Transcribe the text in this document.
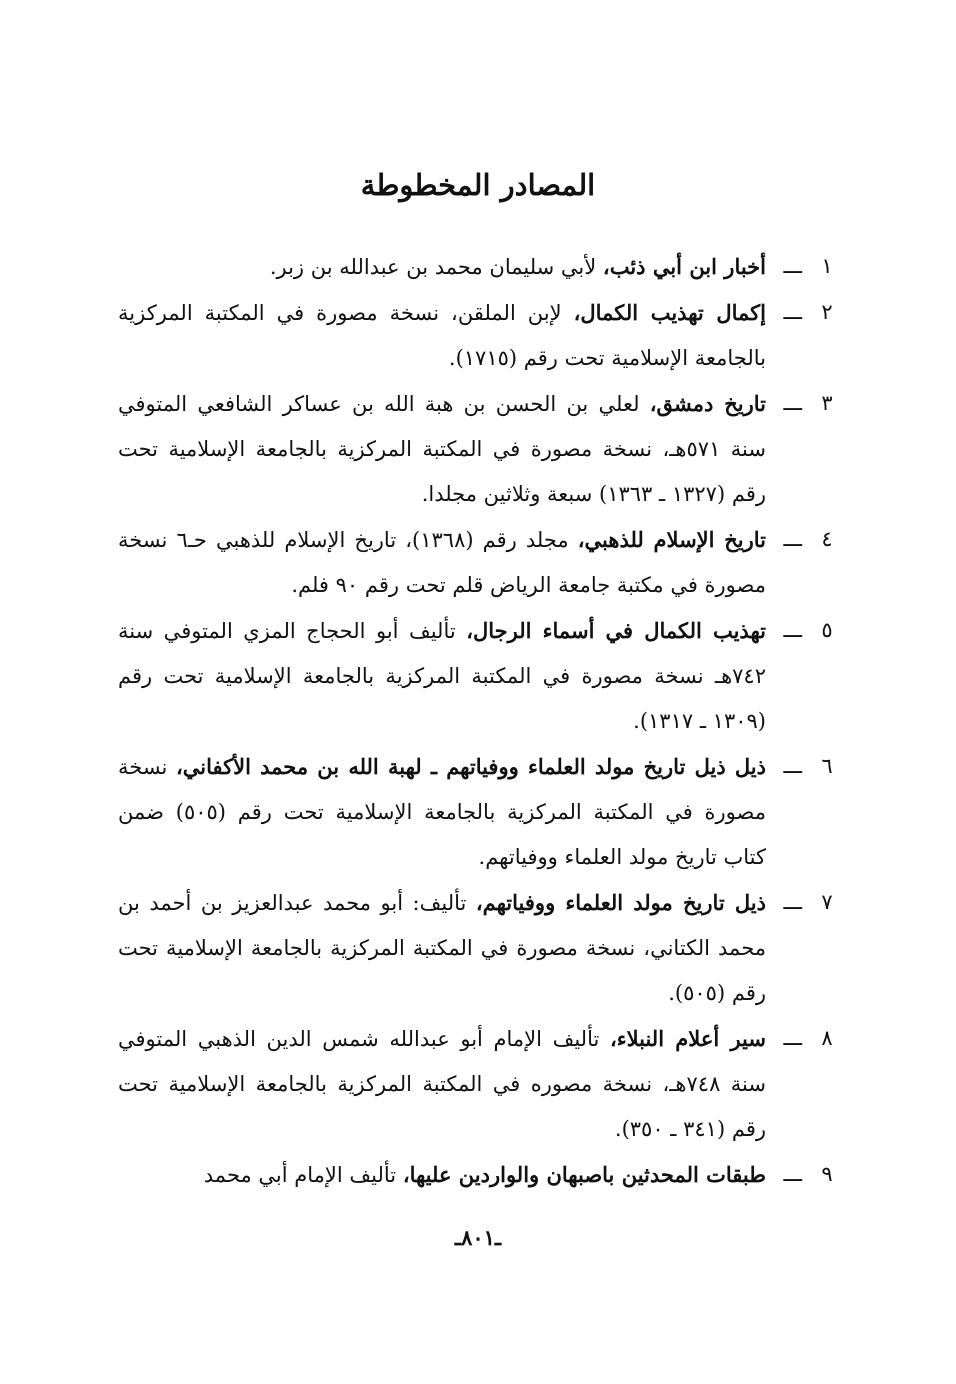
المصادر المخطوطة
١
ـــ
أخبار ابن أبي ذئب، لأبي سليمان محمد بن عبدالله بن زبر.
٢
ـــ
إكمال تهذيب الكمال، لإبن الملقن، نسخة مصورة في المكتبة المركزية بالجامعة الإسلامية تحت رقم (١٧١٥).
٣
ـــ
تاريخ دمشق، لعلي بن الحسن بن هبة الله بن عساكر الشافعي المتوفي سنة ٥٧١هـ، نسخة مصورة في المكتبة المركزية بالجامعة الإسلامية تحت رقم (١٣٢٧ ـ ١٣٦٣) سبعة وثلاثين مجلدا.
٤
ـــ
تاريخ الإسلام للذهبي، مجلد رقم (١٣٦٨)، تاريخ الإسلام للذهبي حـ٦ نسخة مصورة في مكتبة جامعة الرياض قلم تحت رقم ٩٠ فلم.
٥
ـــ
تهذيب الكمال في أسماء الرجال، تأليف أبو الحجاج المزي المتوفي سنة ٧٤٢هـ نسخة مصورة في المكتبة المركزية بالجامعة الإسلامية تحت رقم (١٣٠٩ ـ ١٣١٧).
٦
ـــ
ذيل ذيل تاريخ مولد العلماء ووفياتهم ـ لهبة الله بن محمد الأكفاني، نسخة مصورة في المكتبة المركزية بالجامعة الإسلامية تحت رقم (٥٠٥) ضمن كتاب تاريخ مولد العلماء ووفياتهم.
٧
ـــ
ذيل تاريخ مولد العلماء ووفياتهم، تأليف: أبو محمد عبدالعزيز بن أحمد بن محمد الكتاني، نسخة مصورة في المكتبة المركزية بالجامعة الإسلامية تحت رقم (٥٠٥).
٨
ـــ
سير أعلام النبلاء، تأليف الإمام أبو عبدالله شمس الدين الذهبي المتوفي سنة ٧٤٨هـ، نسخة مصوره في المكتبة المركزية بالجامعة الإسلامية تحت رقم (٣٤١ ـ ٣٥٠).
٩
ـــ
طبقات المحدثين باصبهان والواردين عليها، تأليف الإمام أبي محمد
ـ٨٠١ـ
